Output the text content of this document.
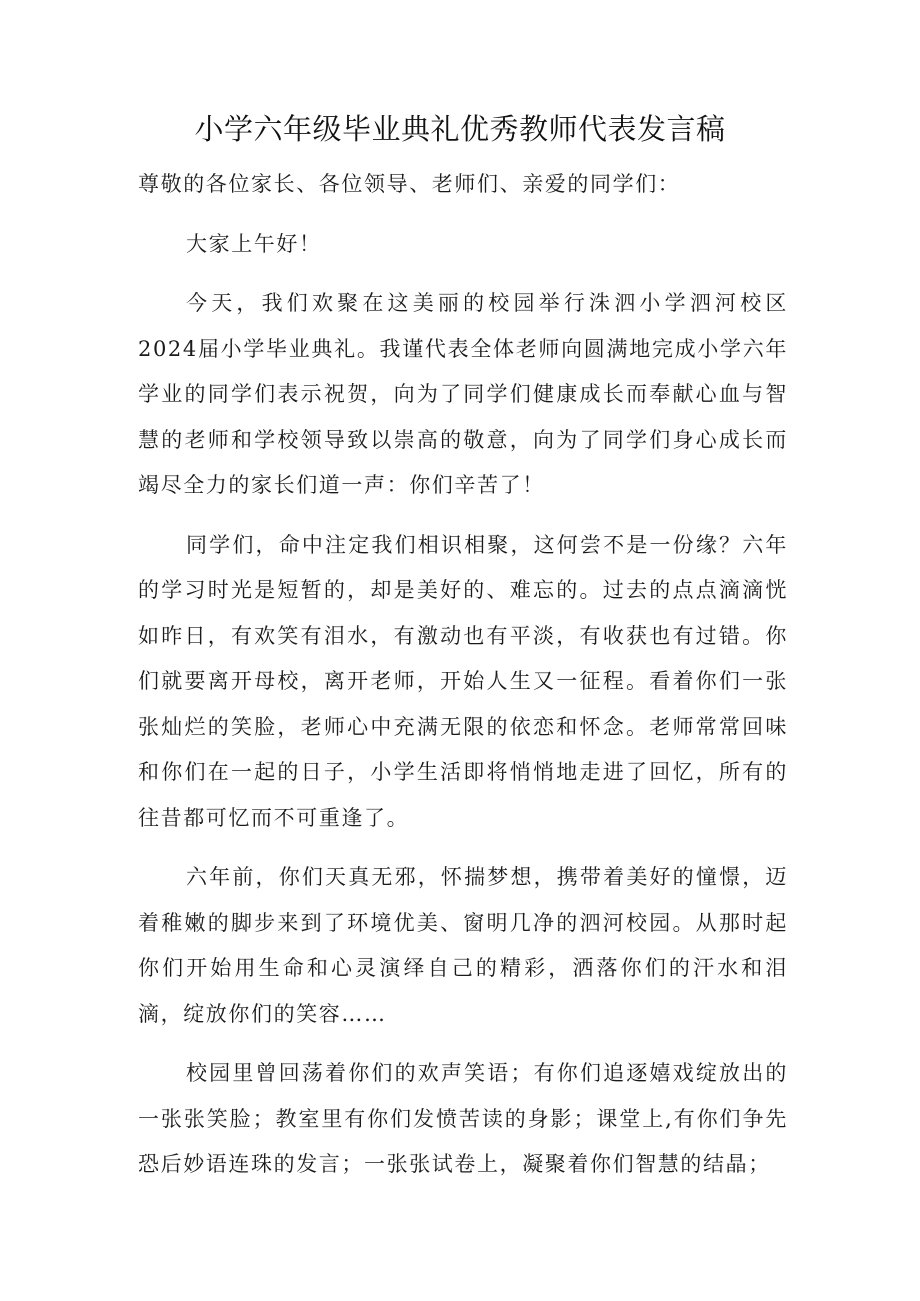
小学六年级毕业典礼优秀教师代表发言稿

尊敬的各位家长、各位领导、老师们、亲爱的同学们：

大家上午好！

今天，我们欢聚在这美丽的校园举行洙泗小学泗河校区2024届小学毕业典礼。我谨代表全体老师向圆满地完成小学六年学业的同学们表示祝贺，向为了同学们健康成长而奉献心血与智慧的老师和学校领导致以崇高的敬意，向为了同学们身心成长而竭尽全力的家长们道一声：你们辛苦了！

同学们，命中注定我们相识相聚，这何尝不是一份缘？六年的学习时光是短暂的，却是美好的、难忘的。过去的点点滴滴恍如昨日，有欢笑有泪水，有激动也有平淡，有收获也有过错。你们就要离开母校，离开老师，开始人生又一征程。看着你们一张张灿烂的笑脸，老师心中充满无限的依恋和怀念。老师常常回味和你们在一起的日子，小学生活即将悄悄地走进了回忆，所有的往昔都可忆而不可重逢了。

六年前，你们天真无邪，怀揣梦想，携带着美好的憧憬，迈着稚嫩的脚步来到了环境优美、窗明几净的泗河校园。从那时起你们开始用生命和心灵演绎自己的精彩，洒落你们的汗水和泪滴，绽放你们的笑容……

校园里曾回荡着你们的欢声笑语；有你们追逐嬉戏绽放出的一张张笑脸；教室里有你们发愤苦读的身影；课堂上,有你们争先恐后妙语连珠的发言；一张张试卷上，凝聚着你们智慧的结晶；
